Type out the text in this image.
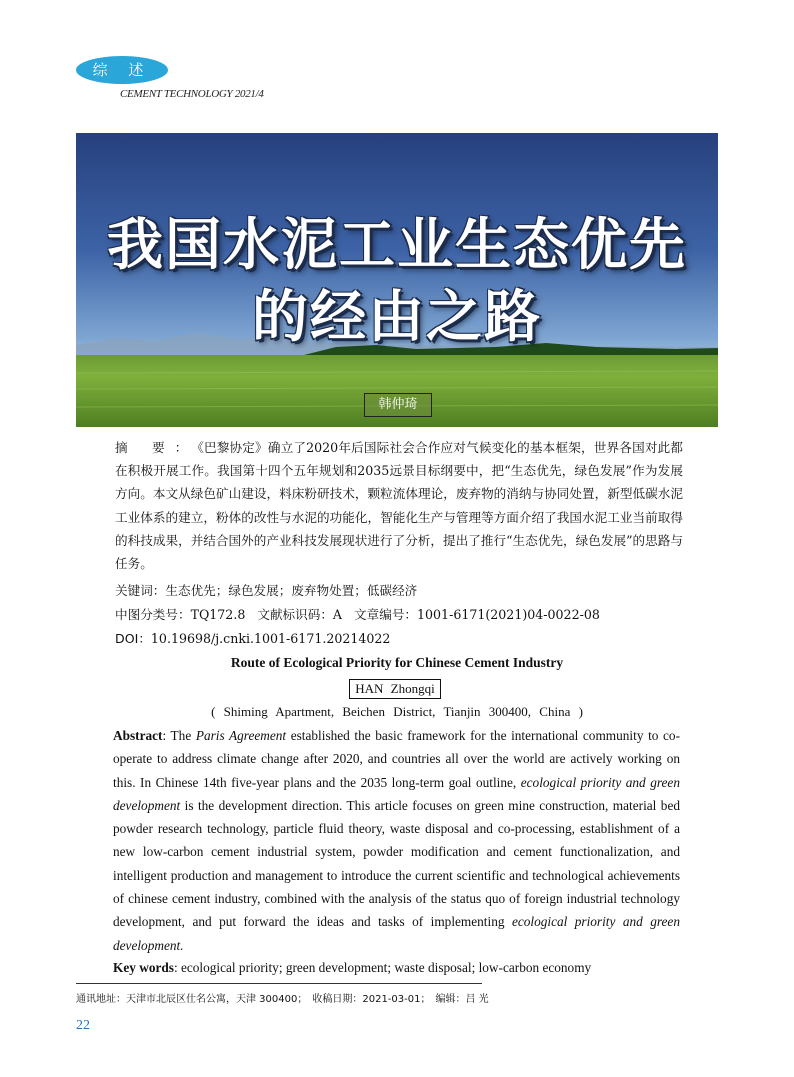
综 述
CEMENT TECHNOLOGY 2021/4
我国水泥工业生态优先
的经由之路
韩仲琦
摘 要：《巴黎协定》确立了2020年后国际社会合作应对气候变化的基本框架，世界各国对此都在积极开展工作。我国第十四个五年规划和2035远景目标纲要中，把“生态优先，绿色发展”作为发展方向。本文从绿色矿山建设，料床粉研技术，颗粒流体理论，废弃物的消纳与协同处置，新型低碳水泥工业体系的建立，粉体的改性与水泥的功能化，智能化生产与管理等方面介绍了我国水泥工业当前取得的科技成果，并结合国外的产业科技发展现状进行了分析，提出了推行“生态优先，绿色发展”的思路与任务。
关键词：生态优先；绿色发展；废弃物处置；低碳经济
中图分类号：TQ172.8 文献标识码：A 文章编号：1001-6171(2021)04-0022-08
DOI：10.19698/j.cnki.1001-6171.20214022
Route of Ecological Priority for Chinese Cement Industry
HAN Zhongqi
( Shiming Apartment, Beichen District, Tianjin 300400, China )
Abstract: The Paris Agreement established the basic framework for the international community to co-operate to address climate change after 2020, and countries all over the world are actively working on this. In Chinese 14th five-year plans and the 2035 long-term goal outline, ecological priority and green development is the development direction. This article focuses on green mine construction, material bed powder research technology, particle fluid theory, waste disposal and co-processing, establishment of a new low-carbon cement industrial system, powder modification and cement functionalization, and intelligent production and management to introduce the current scientific and technological achievements of chinese cement industry, combined with the analysis of the status quo of foreign industrial technology development, and put forward the ideas and tasks of implementing ecological priority and green development.
Key words: ecological priority; green development; waste disposal; low-carbon economy
通讯地址：天津市北辰区仕名公寓，天津 300400；　收稿日期：2021-03-01；　编辑：吕 光
22
